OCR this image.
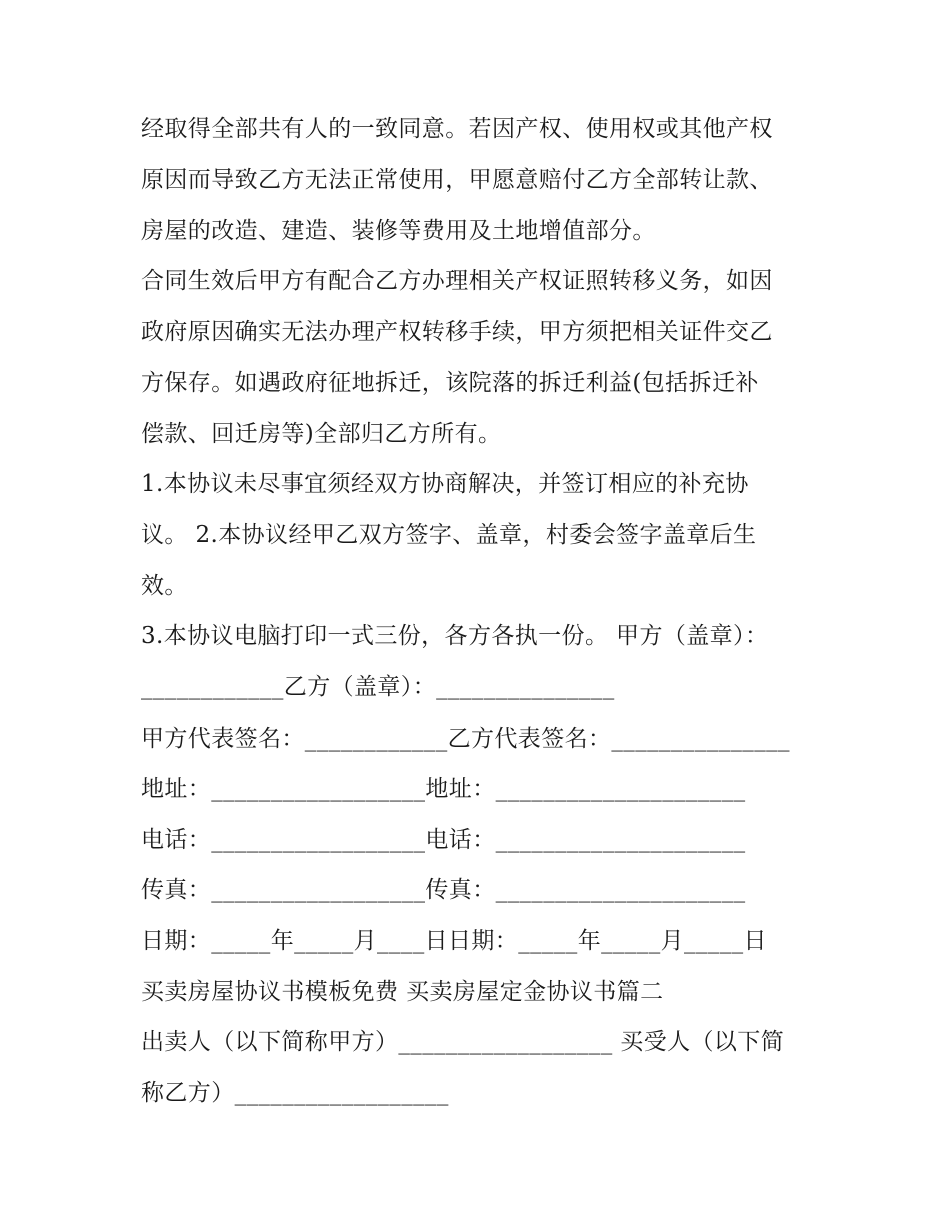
经取得全部共有人的一致同意。若因产权、使用权或其他产权
原因而导致乙方无法正常使用，甲愿意赔付乙方全部转让款、
房屋的改造、建造、装修等费用及土地增值部分。
合同生效后甲方有配合乙方办理相关产权证照转移义务，如因
政府原因确实无法办理产权转移手续，甲方须把相关证件交乙
方保存。如遇政府征地拆迁，该院落的拆迁利益(包括拆迁补
偿款、回迁房等)全部归乙方所有。
1.本协议未尽事宜须经双方协商解决，并签订相应的补充协
议。 2.本协议经甲乙双方签字、盖章，村委会签字盖章后生
效。
3.本协议电脑打印一式三份，各方各执一份。 甲方（盖章）：
____________乙方（盖章）：_______________
甲方代表签名：____________乙方代表签名：_______________
地址：__________________地址：_____________________
电话：__________________电话：_____________________
传真：__________________传真：_____________________
日期：_____年_____月____日日期：_____年_____月_____日
买卖房屋协议书模板免费 买卖房屋定金协议书篇二
出卖人（以下简称甲方）__________________ 买受人（以下简
称乙方）__________________
